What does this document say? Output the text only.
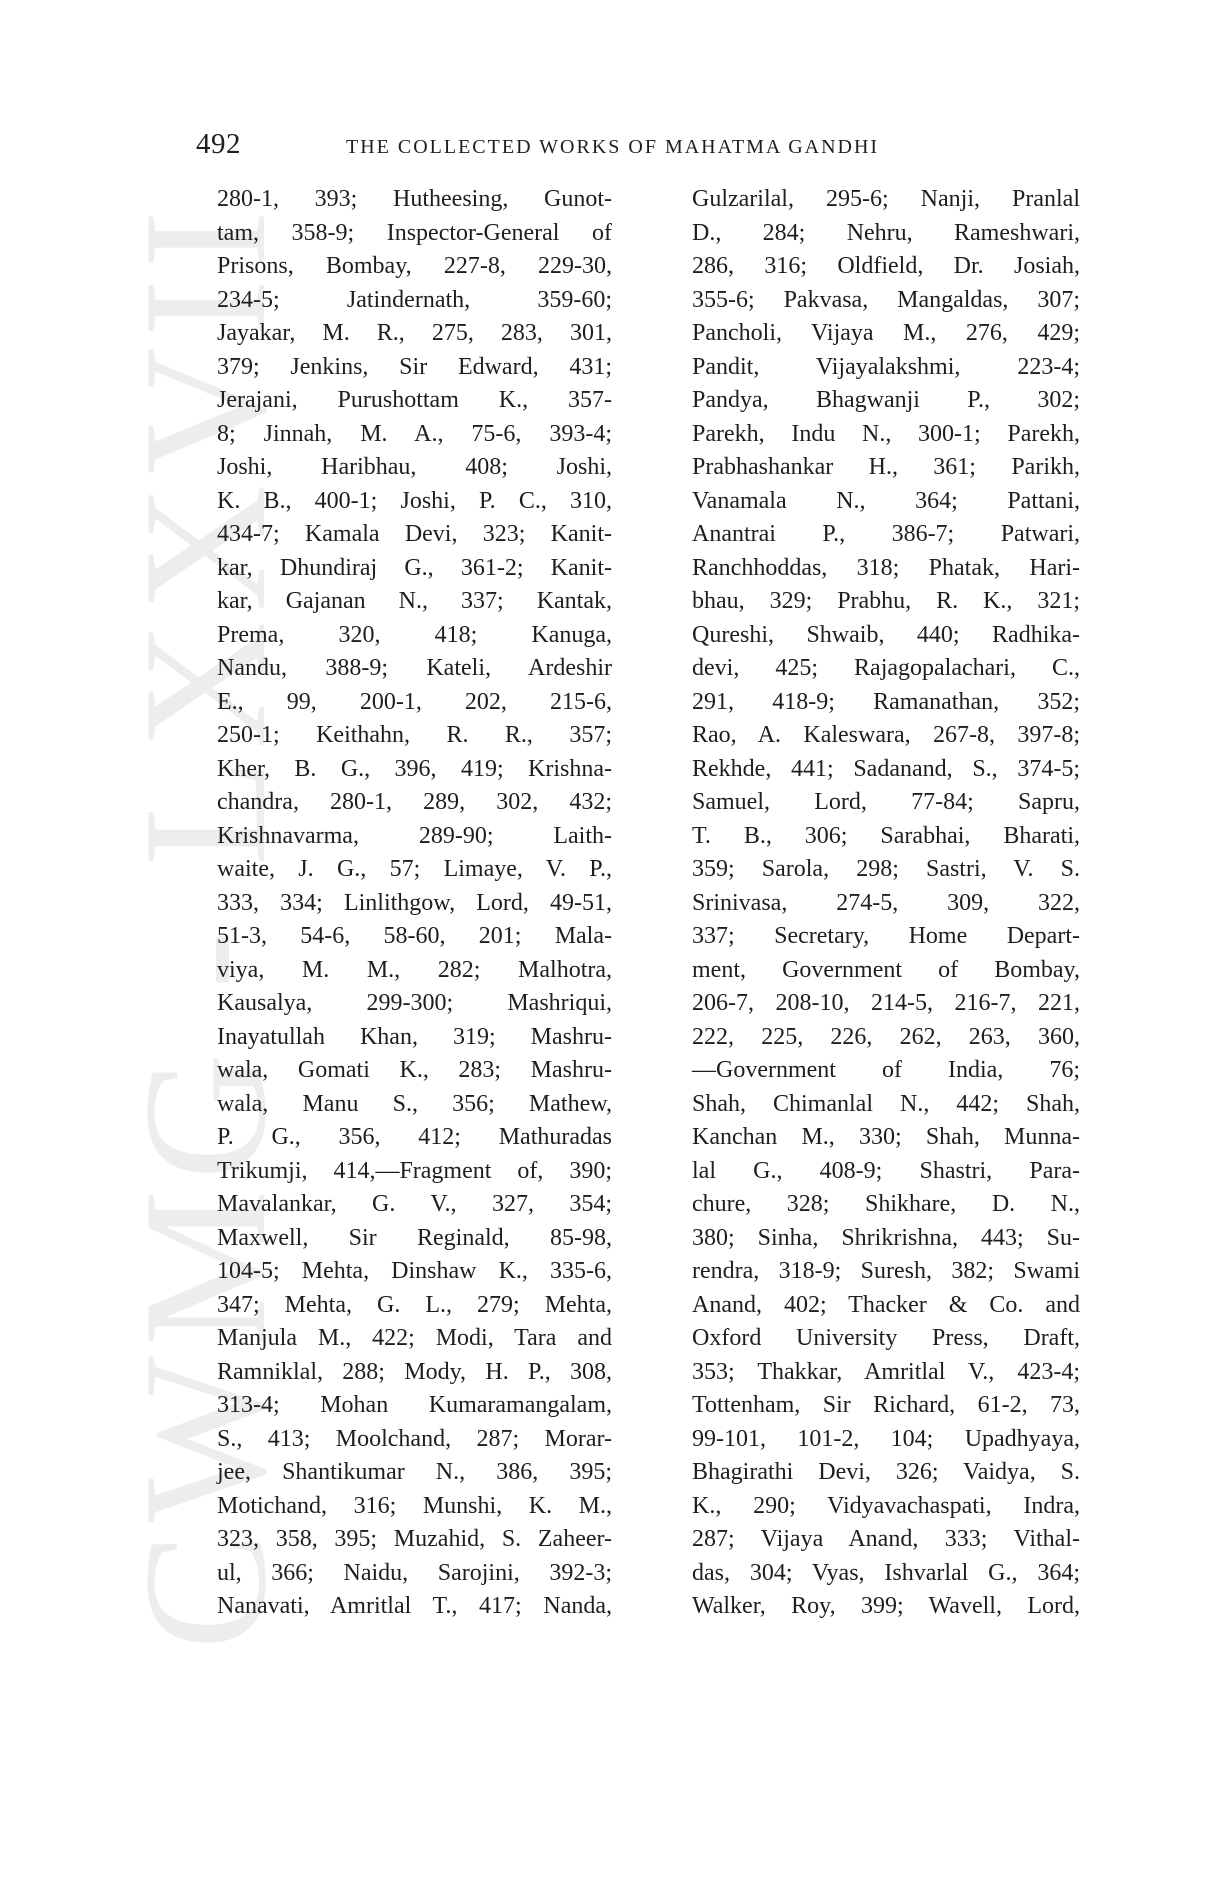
CWMG - LXXVII
492	THE COLLECTED WORKS OF MAHATMA GANDHI
280-1, 393; Hutheesing, Gunot-
tam, 358-9; Inspector-General of
Prisons, Bombay, 227-8, 229-30,
234-5; Jatindernath, 359-60;
Jayakar, M. R., 275, 283, 301,
379; Jenkins, Sir Edward, 431;
Jerajani, Purushottam K., 357-
8; Jinnah, M. A., 75-6, 393-4;
Joshi, Haribhau, 408; Joshi,
K. B., 400-1; Joshi, P. C., 310,
434-7; Kamala Devi, 323; Kanit-
kar, Dhundiraj G., 361-2; Kanit-
kar, Gajanan N., 337; Kantak,
Prema, 320, 418; Kanuga,
Nandu, 388-9; Kateli, Ardeshir
E., 99, 200-1, 202, 215-6,
250-1; Keithahn, R. R., 357;
Kher, B. G., 396, 419; Krishna-
chandra, 280-1, 289, 302, 432;
Krishnavarma, 289-90; Laith-
waite, J. G., 57; Limaye, V. P.,
333, 334; Linlithgow, Lord, 49-51,
51-3, 54-6, 58-60, 201; Mala-
viya, M. M., 282; Malhotra,
Kausalya, 299-300; Mashriqui,
Inayatullah Khan, 319; Mashru-
wala, Gomati K., 283; Mashru-
wala, Manu S., 356; Mathew,
P. G., 356, 412; Mathuradas
Trikumji, 414,—Fragment of, 390;
Mavalankar, G. V., 327, 354;
Maxwell, Sir Reginald, 85-98,
104-5; Mehta, Dinshaw K., 335-6,
347; Mehta, G. L., 279; Mehta,
Manjula M., 422; Modi, Tara and
Ramniklal, 288; Mody, H. P., 308,
313-4; Mohan Kumaramangalam,
S., 413; Moolchand, 287; Morar-
jee, Shantikumar N., 386, 395;
Motichand, 316; Munshi, K. M.,
323, 358, 395; Muzahid, S. Zaheer-
ul, 366; Naidu, Sarojini, 392-3;
Nanavati, Amritlal T., 417; Nanda,
Gulzarilal, 295-6; Nanji, Pranlal
D., 284; Nehru, Rameshwari,
286, 316; Oldfield, Dr. Josiah,
355-6; Pakvasa, Mangaldas, 307;
Pancholi, Vijaya M., 276, 429;
Pandit, Vijayalakshmi, 223-4;
Pandya, Bhagwanji P., 302;
Parekh, Indu N., 300-1; Parekh,
Prabhashankar H., 361; Parikh,
Vanamala N., 364; Pattani,
Anantrai P., 386-7; Patwari,
Ranchhoddas, 318; Phatak, Hari-
bhau, 329; Prabhu, R. K., 321;
Qureshi, Shwaib, 440; Radhika-
devi, 425; Rajagopalachari, C.,
291, 418-9; Ramanathan, 352;
Rao, A. Kaleswara, 267-8, 397-8;
Rekhde, 441; Sadanand, S., 374-5;
Samuel, Lord, 77-84; Sapru,
T. B., 306; Sarabhai, Bharati,
359; Sarola, 298; Sastri, V. S.
Srinivasa, 274-5, 309, 322,
337; Secretary, Home Depart-
ment, Government of Bombay,
206-7, 208-10, 214-5, 216-7, 221,
222, 225, 226, 262, 263, 360,
—Government of India, 76;
Shah, Chimanlal N., 442; Shah,
Kanchan M., 330; Shah, Munna-
lal G., 408-9; Shastri, Para-
chure, 328; Shikhare, D. N.,
380; Sinha, Shrikrishna, 443; Su-
rendra, 318-9; Suresh, 382; Swami
Anand, 402; Thacker & Co. and
Oxford University Press, Draft,
353; Thakkar, Amritlal V., 423-4;
Tottenham, Sir Richard, 61-2, 73,
99-101, 101-2, 104; Upadhyaya,
Bhagirathi Devi, 326; Vaidya, S.
K., 290; Vidyavachaspati, Indra,
287; Vijaya Anand, 333; Vithal-
das, 304; Vyas, Ishvarlal G., 364;
Walker, Roy, 399; Wavell, Lord,
